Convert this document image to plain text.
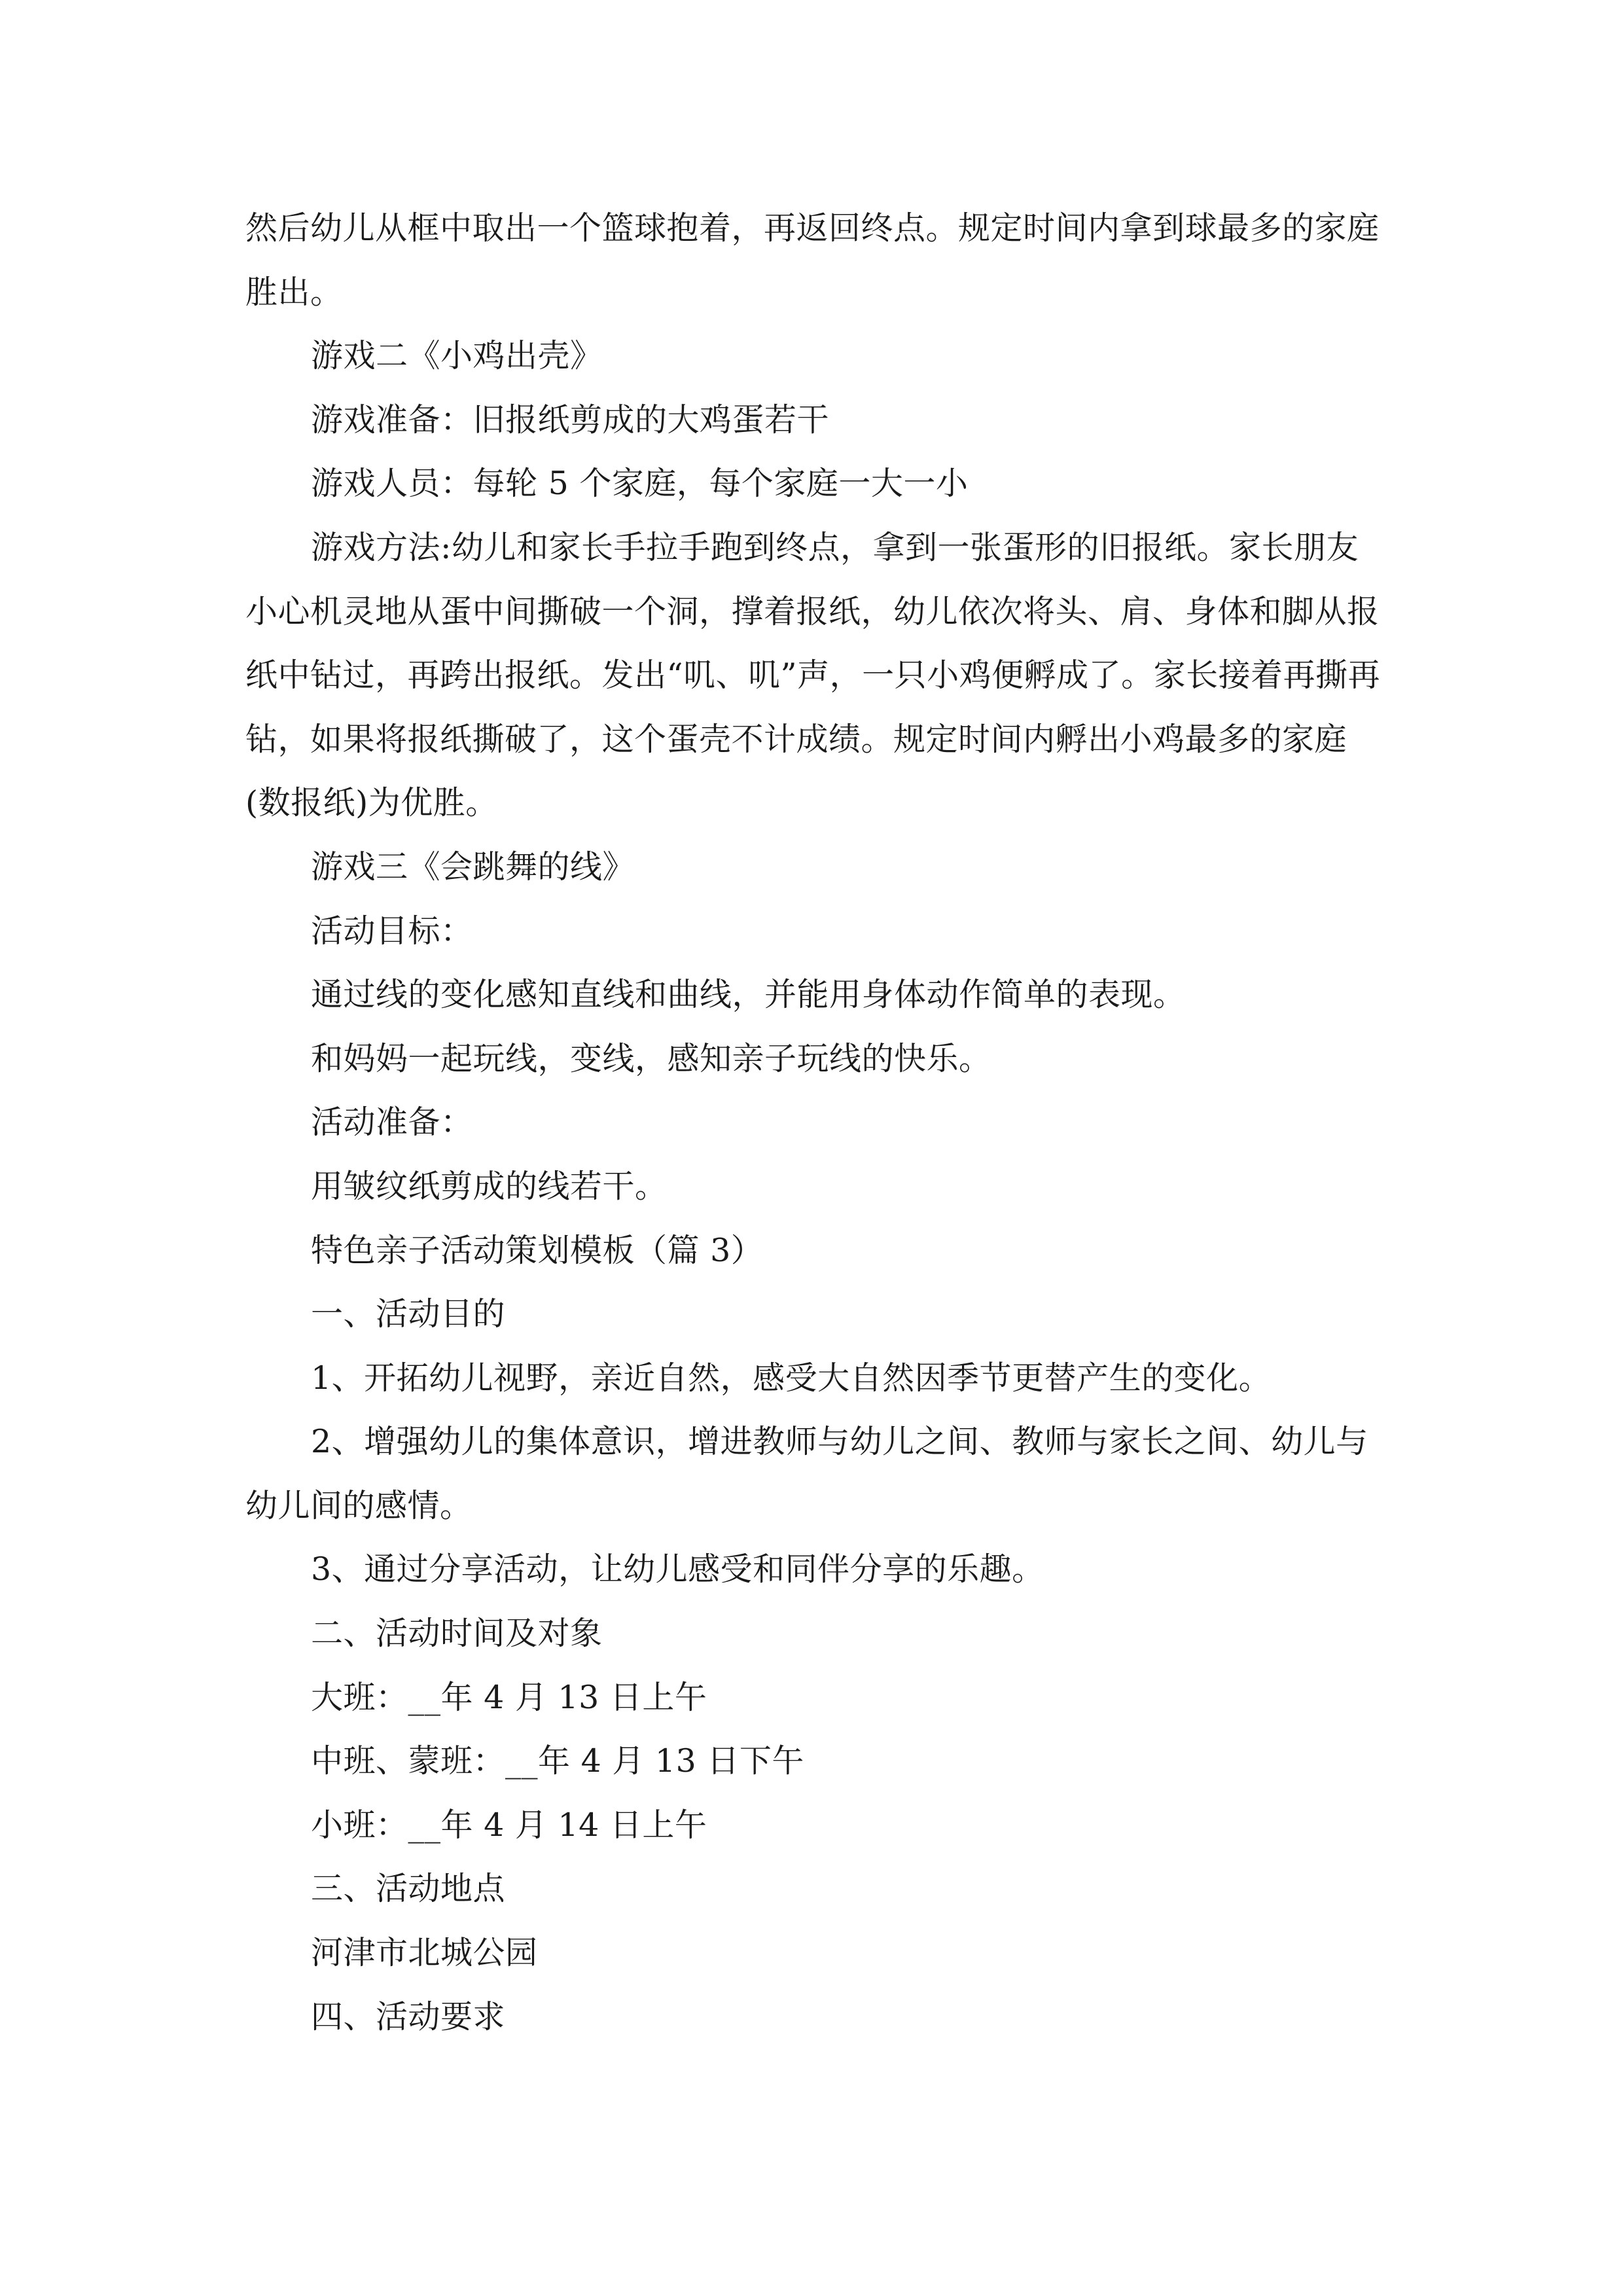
然后幼儿从框中取出一个篮球抱着，再返回终点。规定时间内拿到球最多的家庭胜出。

游戏二《小鸡出壳》

游戏准备：旧报纸剪成的大鸡蛋若干

游戏人员：每轮 5 个家庭，每个家庭一大一小

游戏方法:幼儿和家长手拉手跑到终点，拿到一张蛋形的旧报纸。家长朋友小心机灵地从蛋中间撕破一个洞，撑着报纸，幼儿依次将头、肩、身体和脚从报纸中钻过，再跨出报纸。发出“叽、叽”声，一只小鸡便孵成了。家长接着再撕再钻，如果将报纸撕破了，这个蛋壳不计成绩。规定时间内孵出小鸡最多的家庭(数报纸)为优胜。

游戏三《会跳舞的线》

活动目标：

通过线的变化感知直线和曲线，并能用身体动作简单的表现。

和妈妈一起玩线，变线，感知亲子玩线的快乐。

活动准备：

用皱纹纸剪成的线若干。

特色亲子活动策划模板（篇 3）

一、活动目的

1、开拓幼儿视野，亲近自然，感受大自然因季节更替产生的变化。

2、增强幼儿的集体意识，增进教师与幼儿之间、教师与家长之间、幼儿与幼儿间的感情。

3、通过分享活动，让幼儿感受和同伴分享的乐趣。

二、活动时间及对象

大班：__年 4 月 13 日上午

中班、蒙班：__年 4 月 13 日下午

小班：__年 4 月 14 日上午

三、活动地点

河津市北城公园

四、活动要求
